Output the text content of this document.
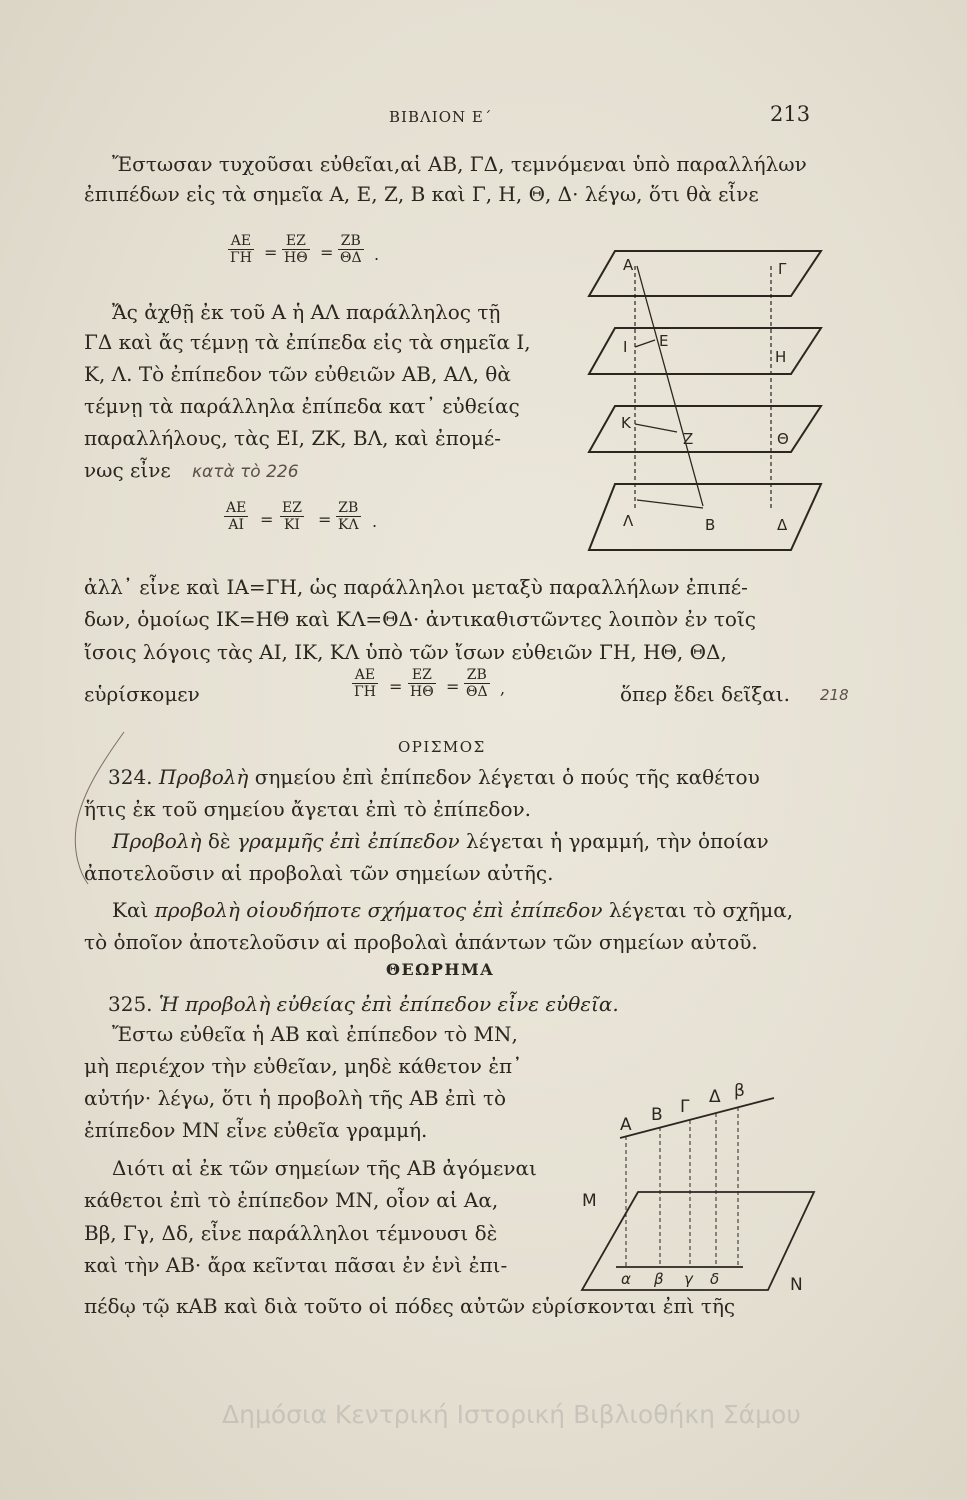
ΒΙΒΛΙΟΝ Ε΄	213
Ἔστωσαν τυχοῦσαι εὐθεῖαι,αἱ ΑΒ, ΓΔ, τεμνόμεναι ὑπὸ παραλλήλων
ἐπιπέδων εἰς τὰ σημεῖα Α, Ε, Ζ, Β καὶ Γ, Η, Θ, Δ· λέγω, ὅτι θὰ εἶνε
$\frac{AE}{\Gamma H} = \frac{EZ}{H\Theta} = \frac{ZB}{\Theta\Delta}$ .
Ἄς ἀχθῇ ἐκ τοῦ Α ἡ ΑΛ παράλληλος τῇ
ΓΔ καὶ ἄς τέμνῃ τὰ ἐπίπεδα εἰς τὰ σημεῖα Ι,
Κ, Λ. Τὸ ἐπίπεδον τῶν εὐθειῶν ΑΒ, ΑΛ, θὰ
τέμνῃ τὰ παράλληλα ἐπίπεδα κατ᾽ εὐθείας
παραλλήλους, τὰς ΕΙ, ΖΚ, ΒΛ, καὶ ἐπομέ-
νως εἶνε κατὰ τὸ 226
$\frac{AE}{AI} = \frac{EZ}{KI} = \frac{ZB}{K\Lambda}$ .
Α	Γ
Ι Ε
Η
Κ
Ζ	Θ
Λ	Β	Δ
ἀλλ᾽ εἶνε καὶ ΙΑ=ΓΗ, ὡς παράλληλοι μεταξὺ παραλλήλων ἐπιπέ-
δων, ὁμοίως ΙΚ=ΗΘ καὶ ΚΛ=ΘΔ· ἀντικαθιστῶντες λοιπὸν ἐν τοῖς
ἴσοις λόγοις τὰς ΑΙ, ΙΚ, ΚΛ ὑπὸ τῶν ἴσων εὐθειῶν ΓΗ, ΗΘ, ΘΔ,
εὑρίσκομεν	$\frac{AE}{\Gamma H} = \frac{EZ}{H\Theta} = \frac{ZB}{\Theta\Delta}$ ,	ὅπερ ἔδει δεῖξαι. 218
ΟΡΙΣΜΟΣ
324. Προβολὴ σημείου ἐπὶ ἐπίπεδον λέγεται ὁ πούς τῆς καθέτου
ἥτις ἐκ τοῦ σημείου ἄγεται ἐπὶ τὸ ἐπίπεδον.
Προβολὴ δὲ γραμμῆς ἐπὶ ἐπίπεδον λέγεται ἡ γραμμή, τὴν ὁποίαν
ἀποτελοῦσιν αἱ προβολαὶ τῶν σημείων αὐτῆς.
Καὶ προβολὴ οἱουδήποτε σχήματος ἐπὶ ἐπίπεδον λέγεται τὸ σχῆμα,
τὸ ὁποῖον ἀποτελοῦσιν αἱ προβολαὶ ἁπάντων τῶν σημείων αὐτοῦ.
ΘΕΩΡΗΜΑ
325. Ἡ προβολὴ εὐθείας ἐπὶ ἐπίπεδον εἶνε εὐθεῖα.
Ἔστω εὐθεῖα ἡ ΑΒ καὶ ἐπίπεδον τὸ ΜΝ,
μὴ περιέχον τὴν εὐθεῖαν, μηδὲ κάθετον ἐπ᾽
αὐτήν· λέγω, ὅτι ἡ προβολὴ τῆς ΑΒ ἐπὶ τὸ
ἐπίπεδον ΜΝ εἶνε εὐθεῖα γραμμή.
Διότι αἱ ἐκ τῶν σημείων τῆς ΑΒ ἀγόμεναι
κάθετοι ἐπὶ τὸ ἐπίπεδον ΜΝ, οἷον αἱ Αα,
Ββ, Γγ, Δδ, εἶνε παράλληλοι τέμνουσι δὲ
καὶ τὴν ΑΒ· ἄρα κεῖνται πᾶσαι ἐν ἑνὶ ἐπι-
πέδῳ τῷ κΑΒ καὶ διὰ τοῦτο οἱ πόδες αὐτῶν εὑρίσκονται ἐπὶ τῆς
Α Β Γ Δ β
Μ
Ν
α β γ δ
Δημόσια Κεντρική Ιστορική Βιβλιοθήκη Σάμου
